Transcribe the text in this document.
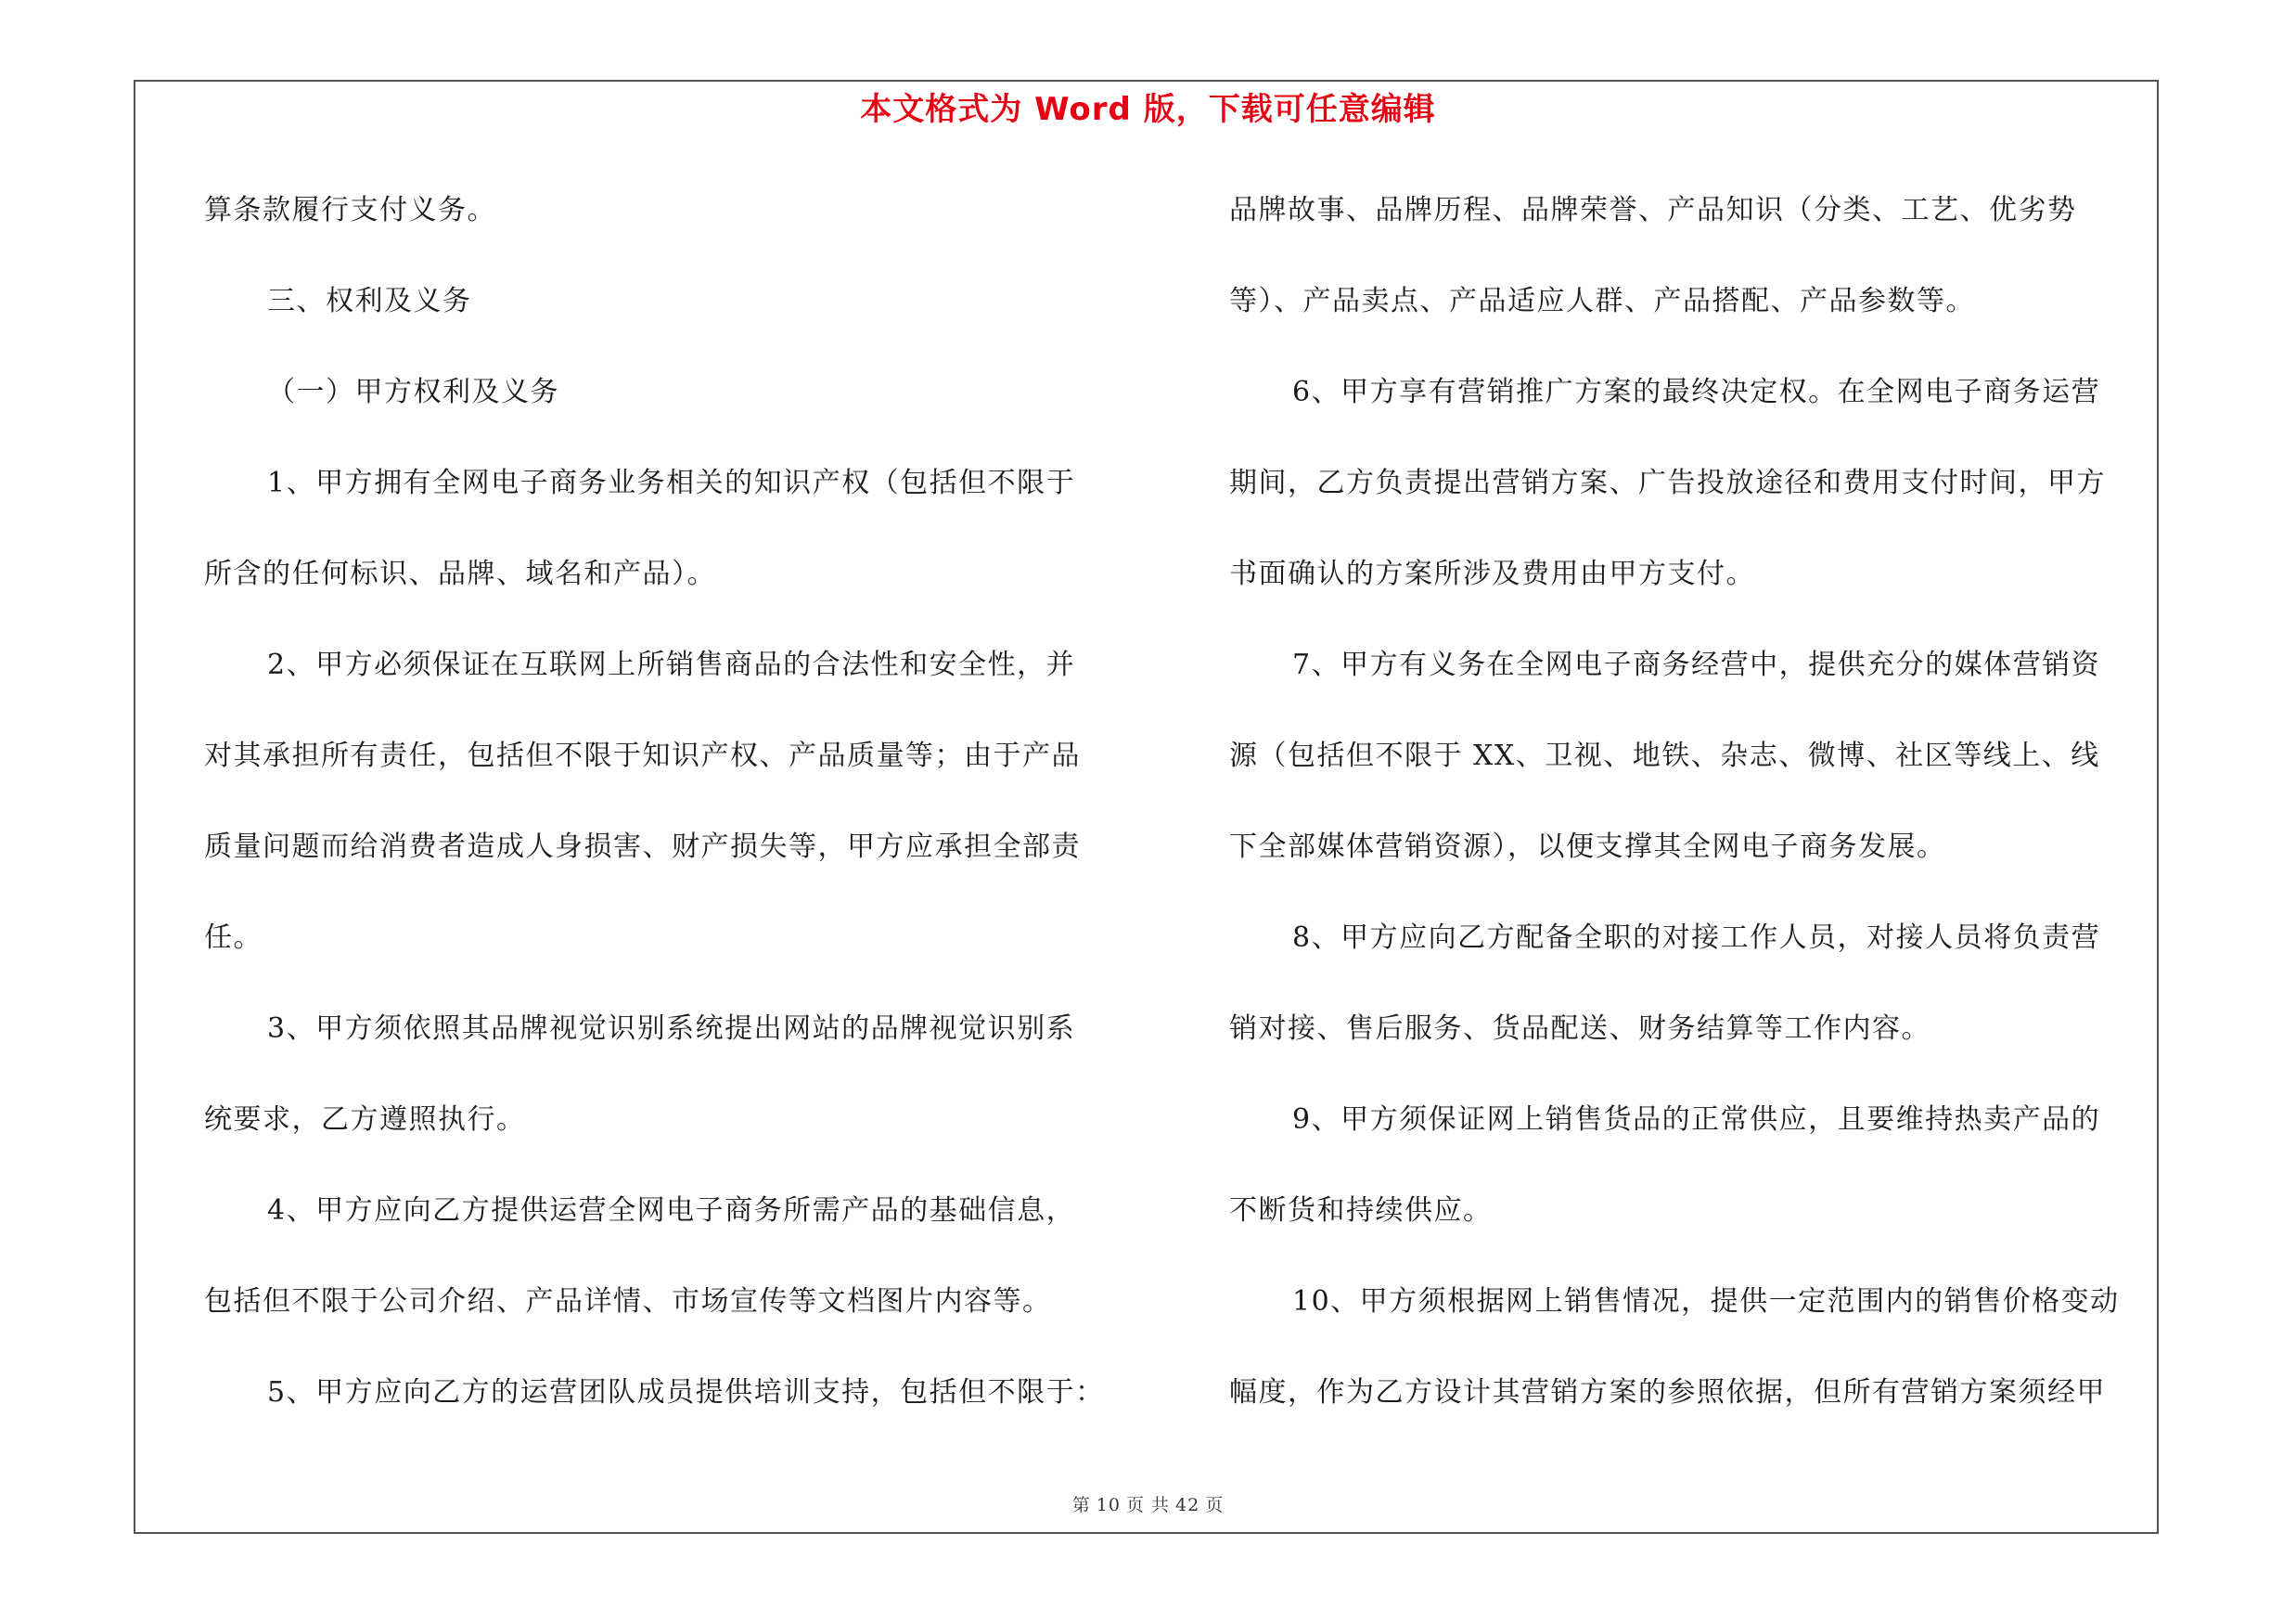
本文格式为 Word 版，下载可任意编辑
算条款履行支付义务。
三、权利及义务
（一）甲方权利及义务
1、甲方拥有全网电子商务业务相关的知识产权（包括但不限于
所含的任何标识、品牌、域名和产品）。
2、甲方必须保证在互联网上所销售商品的合法性和安全性，并
对其承担所有责任，包括但不限于知识产权、产品质量等；由于产品
质量问题而给消费者造成人身损害、财产损失等，甲方应承担全部责
任。
3、甲方须依照其品牌视觉识别系统提出网站的品牌视觉识别系
统要求，乙方遵照执行。
4、甲方应向乙方提供运营全网电子商务所需产品的基础信息，
包括但不限于公司介绍、产品详情、市场宣传等文档图片内容等。
5、甲方应向乙方的运营团队成员提供培训支持，包括但不限于：
品牌故事、品牌历程、品牌荣誉、产品知识（分类、工艺、优劣势
等）、产品卖点、产品适应人群、产品搭配、产品参数等。
6、甲方享有营销推广方案的最终决定权。在全网电子商务运营
期间，乙方负责提出营销方案、广告投放途径和费用支付时间，甲方
书面确认的方案所涉及费用由甲方支付。
7、甲方有义务在全网电子商务经营中，提供充分的媒体营销资
源（包括但不限于 XX、卫视、地铁、杂志、微博、社区等线上、线
下全部媒体营销资源），以便支撑其全网电子商务发展。
8、甲方应向乙方配备全职的对接工作人员，对接人员将负责营
销对接、售后服务、货品配送、财务结算等工作内容。
9、甲方须保证网上销售货品的正常供应，且要维持热卖产品的
不断货和持续供应。
10、甲方须根据网上销售情况，提供一定范围内的销售价格变动
幅度，作为乙方设计其营销方案的参照依据，但所有营销方案须经甲
第 10 页 共 42 页
